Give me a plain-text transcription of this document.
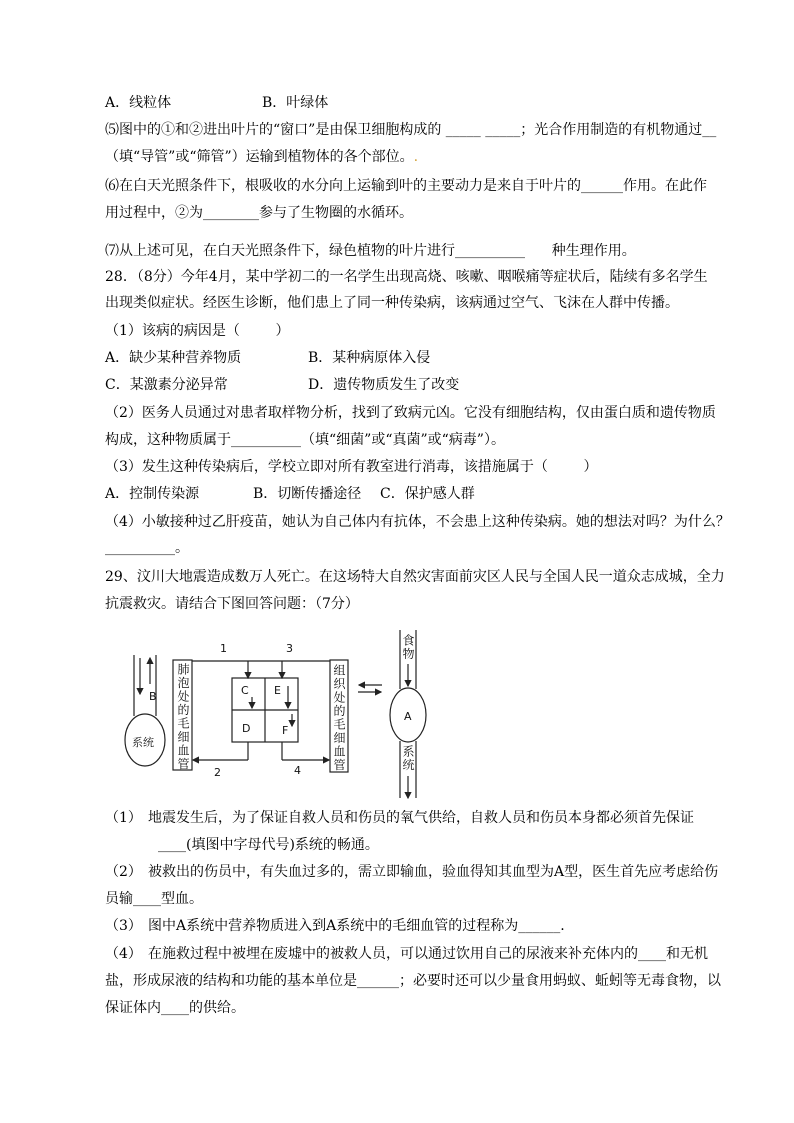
A．线粒体	B．叶绿体
⑸图中的①和②进出叶片的“窗口”是由保卫细胞构成的 _____ _____；光合作用制造的有机物通过__
（填“导管”或“筛管”）运输到植物体的各个部位。.
⑹在白天光照条件下，根吸收的水分向上运输到叶的主要动力是来自于叶片的______作用。在此作
用过程中，②为________参与了生物圈的水循环。
⑺从上述可见，在白天光照条件下，绿色植物的叶片进行__________      种生理作用。
28．（8分）今年4月，某中学初二的一名学生出现高烧、咳嗽、咽喉痛等症状后，陆续有多名学生
出现类似症状。经医生诊断，他们患上了同一种传染病，该病通过空气、飞沫在人群中传播。
（1）该病的病因是（        ）
A．缺少某种营养物质	B．某种病原体入侵
C．某激素分泌异常	D．遗传物质发生了改变
（2）医务人员通过对患者取样物分析，找到了致病元凶。它没有细胞结构，仅由蛋白质和遗传物质
构成，这种物质属于__________（填“细菌”或“真菌”或“病毒”）。
（3）发生这种传染病后，学校立即对所有教室进行消毒，该措施属于（        ）
A．控制传染源	B．切断传播途径 C．保护感人群
（4）小敏接种过乙肝疫苗，她认为自己体内有抗体，不会患上这种传染病。她的想法对吗？为什么？
__________。
29、汶川大地震造成数万人死亡。在这场特大自然灾害面前灾区人民与全国人民一道众志成城，全力
抗震救灾。请结合下图回答问题：（7分）
B
1	3
C E
D	F
2	4
A
系统 肺泡处的毛细血管	组织处的毛细血管
食物
系统
（1） 地震发生后，为了保证自救人员和伤员的氧气供给，自救人员和伤员本身都必须首先保证
____(填图中字母代号)系统的畅通。
（2） 被救出的伤员中，有失血过多的，需立即输血，验血得知其血型为A型，医生首先应考虑给伤
员输____型血。
（3） 图中A系统中营养物质进入到A系统中的毛细血管的过程称为______.
（4） 在施救过程中被埋在废墟中的被救人员，可以通过饮用自己的尿液来补充体内的____和无机
盐，形成尿液的结构和功能的基本单位是______；必要时还可以少量食用蚂蚁、蚯蚓等无毒食物，以
保证体内____的供给。
